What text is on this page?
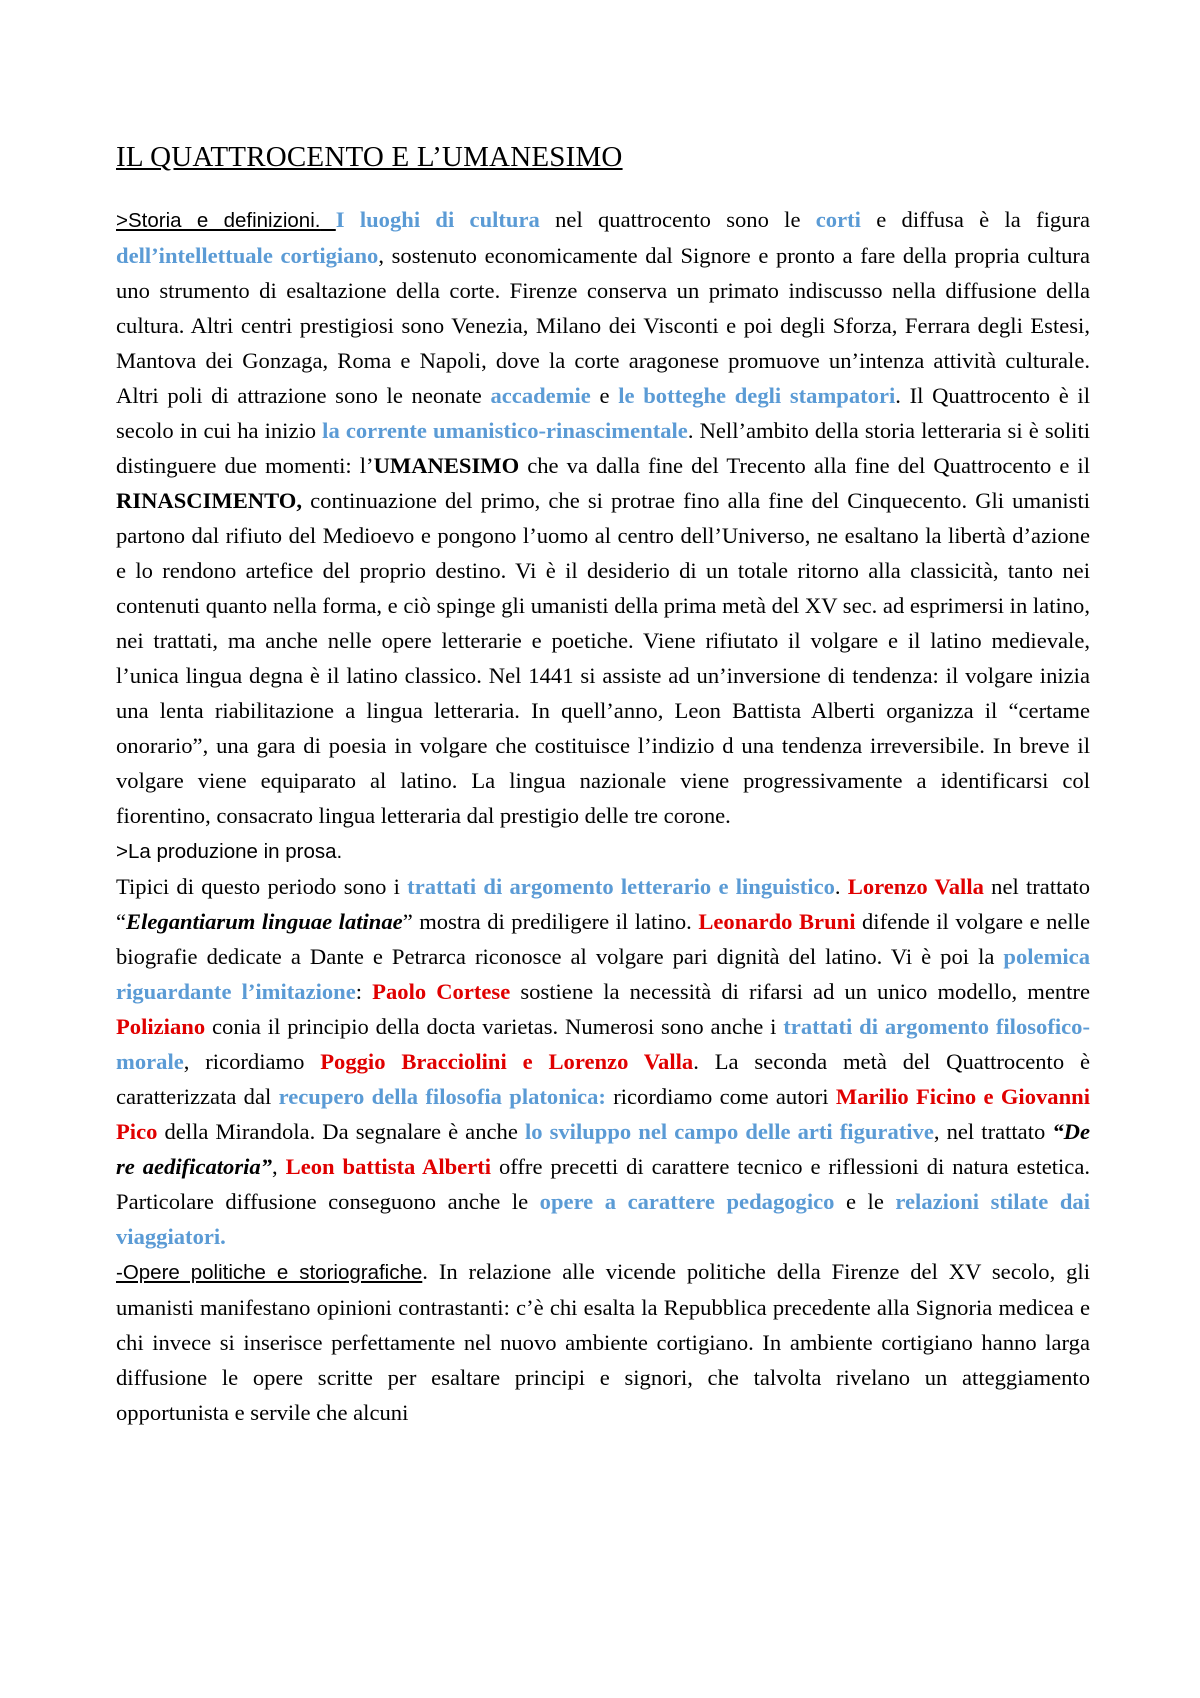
IL QUATTROCENTO E L’UMANESIMO

>Storia e definizioni. I luoghi di cultura nel quattrocento sono le corti e diffusa è la figura dell’intellettuale cortigiano, sostenuto economicamente dal Signore e pronto a fare della propria cultura uno strumento di esaltazione della corte. Firenze conserva un primato indiscusso nella diffusione della cultura. Altri centri prestigiosi sono Venezia, Milano dei Visconti e poi degli Sforza, Ferrara degli Estesi, Mantova dei Gonzaga, Roma e Napoli, dove la corte aragonese promuove un’intenza attività culturale. Altri poli di attrazione sono le neonate accademie e le botteghe degli stampatori. Il Quattrocento è il secolo in cui ha inizio la corrente umanistico-rinascimentale. Nell’ambito della storia letteraria si è soliti distinguere due momenti: l’UMANESIMO che va dalla fine del Trecento alla fine del Quattrocento e il RINASCIMENTO, continuazione del primo, che si protrae fino alla fine del Cinquecento. Gli umanisti partono dal rifiuto del Medioevo e pongono l’uomo al centro dell’Universo, ne esaltano la libertà d’azione e lo rendono artefice del proprio destino. Vi è il desiderio di un totale ritorno alla classicità, tanto nei contenuti quanto nella forma, e ciò spinge gli umanisti della prima metà del XV sec. ad esprimersi in latino, nei trattati, ma anche nelle opere letterarie e poetiche. Viene rifiutato il volgare e il latino medievale, l’unica lingua degna è il latino classico. Nel 1441 si assiste ad un’inversione di tendenza: il volgare inizia una lenta riabilitazione a lingua letteraria. In quell’anno, Leon Battista Alberti organizza il “certame onorario”, una gara di poesia in volgare che costituisce l’indizio d una tendenza irreversibile. In breve il volgare viene equiparato al latino. La lingua nazionale viene progressivamente a identificarsi col fiorentino, consacrato lingua letteraria dal prestigio delle tre corone.

>La produzione in prosa.

Tipici di questo periodo sono i trattati di argomento letterario e linguistico. Lorenzo Valla nel trattato “Elegantiarum linguae latinae” mostra di prediligere il latino. Leonardo Bruni difende il volgare e nelle biografie dedicate a Dante e Petrarca riconosce al volgare pari dignità del latino. Vi è poi la polemica riguardante l’imitazione: Paolo Cortese sostiene la necessità di rifarsi ad un unico modello, mentre Poliziano conia il principio della docta varietas. Numerosi sono anche i trattati di argomento filosofico-morale, ricordiamo Poggio Bracciolini e Lorenzo Valla. La seconda metà del Quattrocento è caratterizzata dal recupero della filosofia platonica: ricordiamo come autori Marilio Ficino e Giovanni Pico della Mirandola. Da segnalare è anche lo sviluppo nel campo delle arti figurative, nel trattato “De re aedificatoria”, Leon battista Alberti offre precetti di carattere tecnico e riflessioni di natura estetica. Particolare diffusione conseguono anche le opere a carattere pedagogico e le relazioni stilate dai viaggiatori.

-Opere politiche e storiografiche. In relazione alle vicende politiche della Firenze del XV secolo, gli umanisti manifestano opinioni contrastanti: c’è chi esalta la Repubblica precedente alla Signoria medicea e chi invece si inserisce perfettamente nel nuovo ambiente cortigiano. In ambiente cortigiano hanno larga diffusione le opere scritte per esaltare principi e signori, che talvolta rivelano un atteggiamento opportunista e servile che alcuni
